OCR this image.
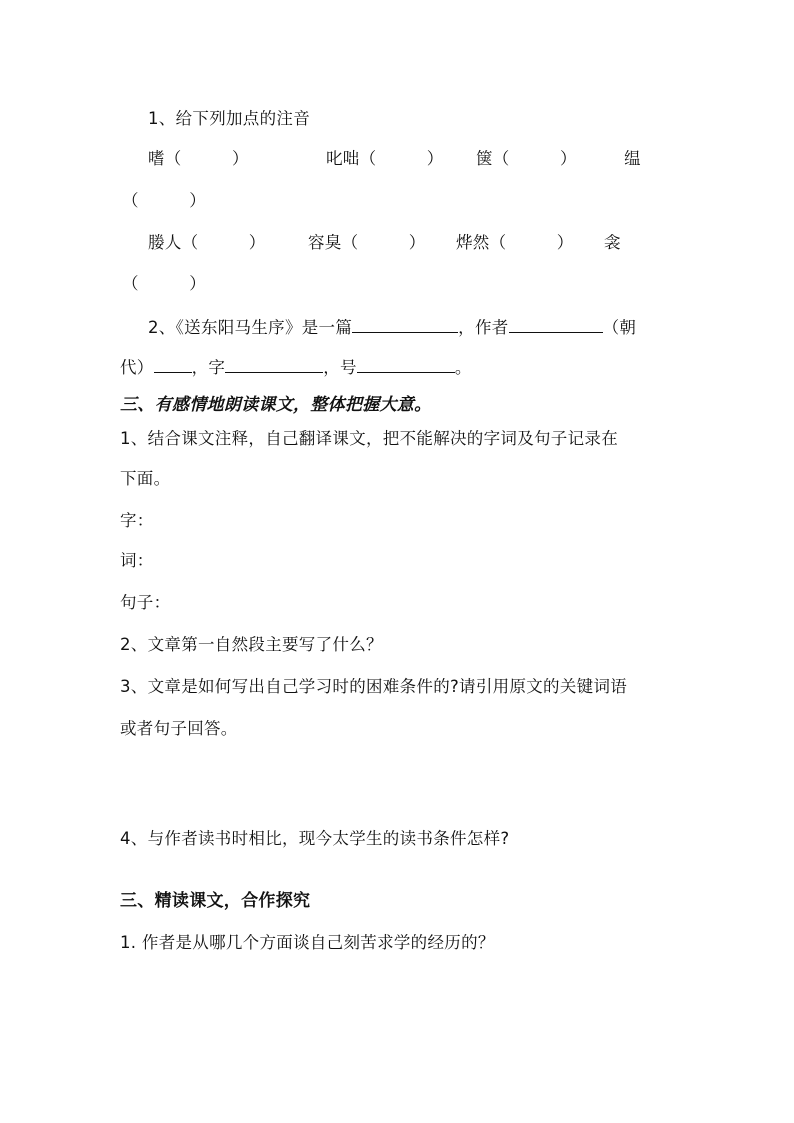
1、给下列加点的注音
嗜（　　　）	叱咄（　　　） 箧（　　　）	缊
（　　　）
媵人（　　　）	容臭（　　　） 烨然（　　　） 衾
（　　　）
2、《送东阳马生序》是一篇	，作者	（朝
代） ，字	，号	。
三、有感情地朗读课文，整体把握大意。
1、结合课文注释，自己翻译课文，把不能解决的字词及句子记录在
下面。
字：
词：
句子：
2、文章第一自然段主要写了什么？
3、文章是如何写出自己学习时的困难条件的?请引用原文的关键词语
或者句子回答。
4、与作者读书时相比，现今太学生的读书条件怎样?
三、精读课文，合作探究
1. 作者是从哪几个方面谈自己刻苦求学的经历的？
